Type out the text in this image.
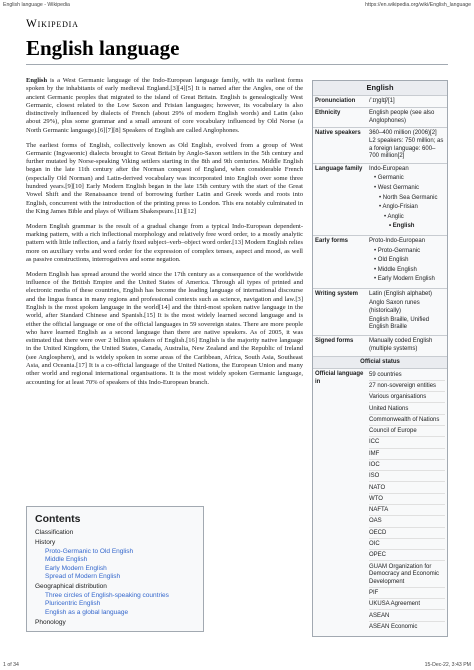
English language - Wikipedia	https://en.wikipedia.org/wiki/English_language
Wikipedia
English language

English is a West Germanic language of the Indo-European language family, with its earliest forms spoken by the inhabitants of early medieval England.[3][4][5] It is named after the Angles, one of the ancient Germanic peoples that migrated to the island of Great Britain. English is genealogically West Germanic, closest related to the Low Saxon and Frisian languages; however, its vocabulary is also distinctively influenced by dialects of French (about 29% of modern English words) and Latin (also about 29%), plus some grammar and a small amount of core vocabulary influenced by Old Norse (a North Germanic language).[6][7][8] Speakers of English are called Anglophones.

The earliest forms of English, collectively known as Old English, evolved from a group of West Germanic (Ingvaeonic) dialects brought to Great Britain by Anglo-Saxon settlers in the 5th century and further mutated by Norse-speaking Viking settlers starting in the 8th and 9th centuries. Middle English began in the late 11th century after the Norman conquest of England, when considerable French (especially Old Norman) and Latin-derived vocabulary was incorporated into English over some three hundred years.[9][10] Early Modern English began in the late 15th century with the start of the Great Vowel Shift and the Renaissance trend of borrowing further Latin and Greek words and roots into English, concurrent with the introduction of the printing press to London. This era notably culminated in the King James Bible and plays of William Shakespeare.[11][12]

Modern English grammar is the result of a gradual change from a typical Indo-European dependent-marking pattern, with a rich inflectional morphology and relatively free word order, to a mostly analytic pattern with little inflection, and a fairly fixed subject–verb–object word order.[13] Modern English relies more on auxiliary verbs and word order for the expression of complex tenses, aspect and mood, as well as passive constructions, interrogatives and some negation.

Modern English has spread around the world since the 17th century as a consequence of the worldwide influence of the British Empire and the United States of America. Through all types of printed and electronic media of these countries, English has become the leading language of international discourse and the lingua franca in many regions and professional contexts such as science, navigation and law.[3] English is the most spoken language in the world[14] and the third-most spoken native language in the world, after Standard Chinese and Spanish.[15] It is the most widely learned second language and is either the official language or one of the official languages in 59 sovereign states. There are more people who have learned English as a second language than there are native speakers. As of 2005, it was estimated that there were over 2 billion speakers of English.[16] English is the majority native language in the United Kingdom, the United States, Canada, Australia, New Zealand and the Republic of Ireland (see Anglosphere), and is widely spoken in some areas of the Caribbean, Africa, South Asia, Southeast Asia, and Oceania.[17] It is a co-official language of the United Nations, the European Union and many other world and regional international organisations. It is the most widely spoken Germanic language, accounting for at least 70% of speakers of this Indo-European branch.

Contents
Classification
History
Proto-Germanic to Old English
Middle English
Early Modern English
Spread of Modern English
Geographical distribution
Three circles of English-speaking countries
Pluricentric English
English as a global language
Phonology
English
Pronunciation	/ˈɪŋɡlɪʃ/[1]
Ethnicity	English people (see also Anglophones)
Native speakers	360–400 million (2006)[2] L2 speakers: 750 million; as a foreign language: 600–700 million[2]
Language family	Indo-European
• Germanic
• West Germanic
• North Sea Germanic
• Anglo-Frisian
• Anglic
• English
Early forms	Proto-Indo-European
• Proto-Germanic
• Old English
• Middle English
• Early Modern English
Writing system	Latin (English alphabet)
Anglo Saxon runes (historically)
English Braille, Unified English Braille
Signed forms	Manually coded English (multiple systems)
Official status
Official language in
59 countries
27 non-sovereign entities
Various organisations
United Nations
Commonwealth of Nations
Council of Europe
ICC
IMF
IOC
ISO
NATO
WTO
NAFTA
OAS
OECD
OIC
OPEC
GUAM Organization for Democracy and Economic Development
PIF
UKUSA Agreement
ASEAN
ASEAN Economic
1 of 34	15-Dec-22, 3:43 PM
